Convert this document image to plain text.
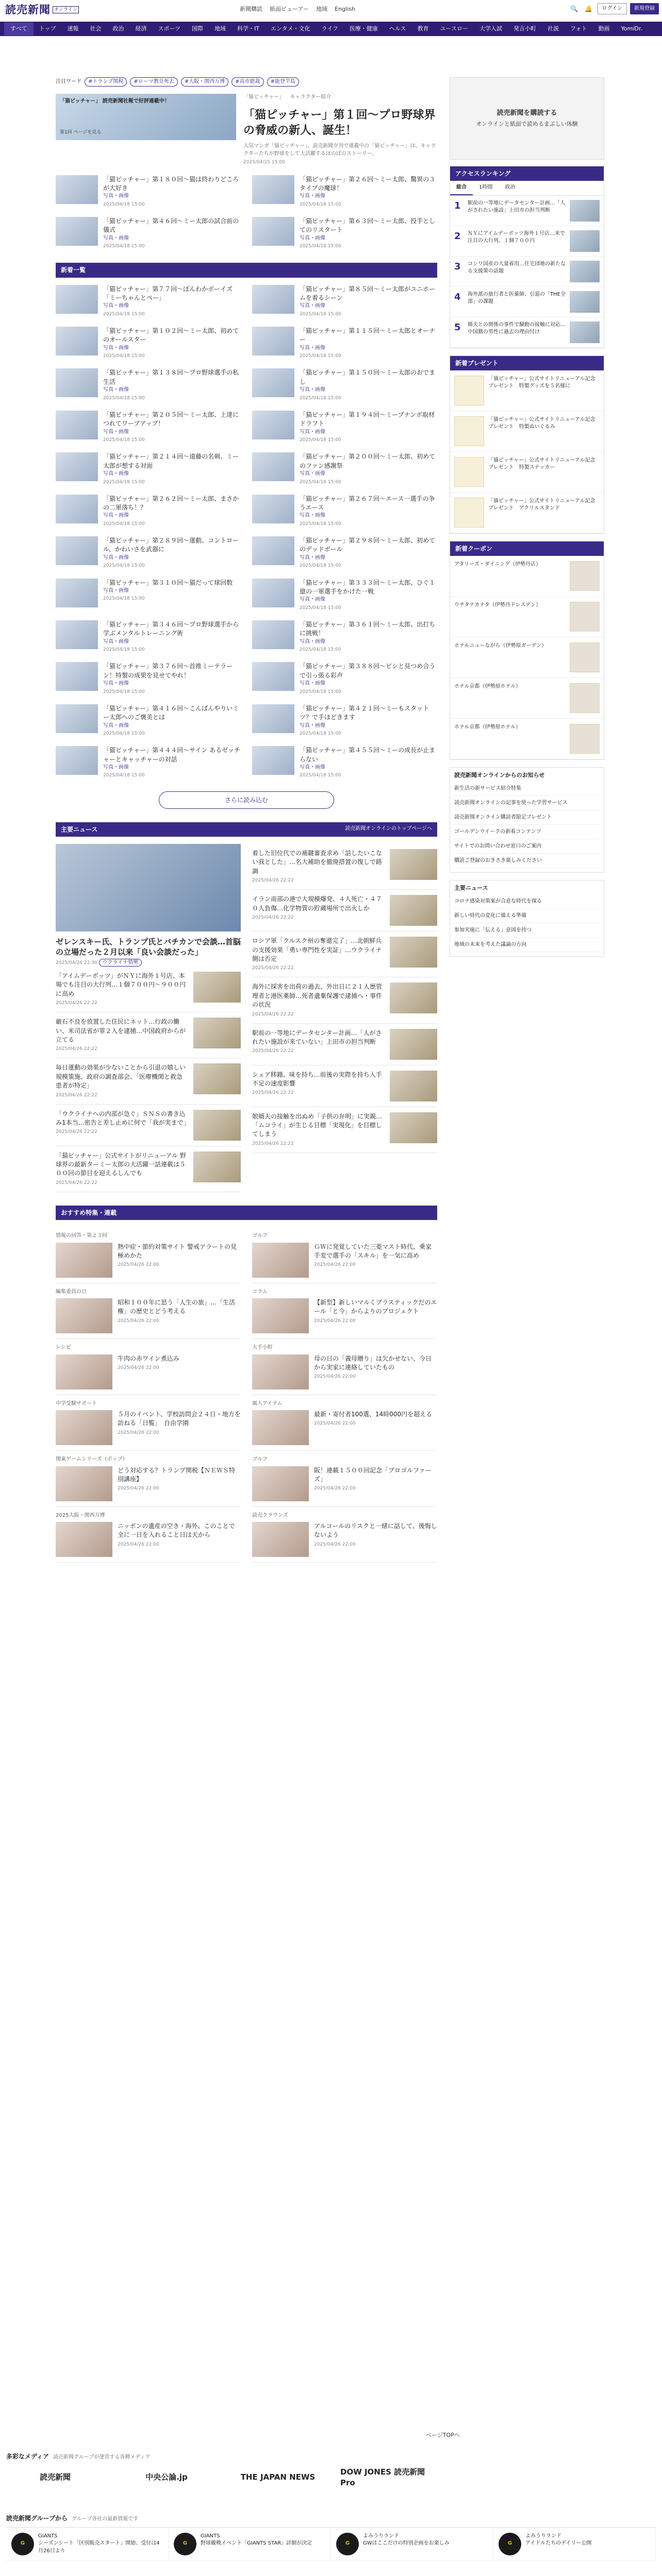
読売新聞 オンライン	新聞購読 紙面ビューアー 地域 English	🔍 🔔	ログイン	新規登録
すべて	トップ	速報	社会	政治	経済	スポーツ	国際	地域	科学・IT	エンタメ・文化	ライフ	医療・健康	ヘルス	教育	ユースロー	大学入試	発言小町	社説	フォト	動画	YomiDr.
注目ワード	#トランプ関税	#ローマ教皇死去	#大阪・関西万博	#高市総裁	#能登半島
「猫ピッチャー」 読売新聞社報で好評連載中！
第1回 ページを見る
「猫ピッチャー」 キャラクター紹介
「猫ピッチャー」第１回～プロ野球界の脅威の新人、誕生！
人気マンガ「猫ピッチャー」。読売新聞夕刊で連載中の「猫ピッチャー」は、キャラクターたちが野球をして大活躍するほのぼのストーリー。
2025/04/25 15:00
「猫ピッチャー」第１８０回～猫は終わりどころが大好き
写真・画像
2025/04/18 15:00
「猫ピッチャー」第２６回～ミー太郎、驚異の３タイプの魔球！
写真・画像
2025/04/18 15:00
「猫ピッチャー」第４６回～ミー太郎の試合前の儀式
写真・画像
2025/04/18 15:00
「猫ピッチャー」第６３回～ミー太郎、投手としてのリスタート
写真・画像
2025/04/18 15:00
新着一覧
「猫ピッチャー」第７７回～ぼんわかボーイズ「ミーちゃんとペー」
写真・画像
2025/04/18 15:00
「猫ピッチャー」第８５回～ミー太郎がユニホームを着るシーン
写真・画像
2025/04/18 15:00
「猫ピッチャー」第１０２回～ミー太郎、初めてのオールスター
写真・画像
2025/04/18 15:00
「猫ピッチャー」第１１５回～ミー太郎とオーナー
写真・画像
2025/04/18 15:00
「猫ピッチャー」第１３８回～プロ野球選手の私生活
写真・画像
2025/04/18 15:00
「猫ピッチャー」第１５０回～ミー太郎のおでまし
写真・画像
2025/04/18 15:00
「猫ピッチャー」第２０５回～ミー太郎、上達につれてワープアップ！
写真・画像
2025/04/18 15:00
「猫ピッチャー」第１９４回～ミーブナンボ取材ドラフト
写真・画像
2025/04/18 15:00
「猫ピッチャー」第２１４回～遠藤の名刺、ミー太郎が想する対面
写真・画像
2025/04/18 15:00
「猫ピッチャー」第２００回～ミー太郎、初めてのファン感謝祭
写真・画像
2025/04/18 15:00
「猫ピッチャー」第２６２回～ミー太郎、まさかの二軍落ち！？
写真・画像
2025/04/18 15:00
「猫ピッチャー」第２６７回～エース一選手の争うエース
写真・画像
2025/04/18 15:00
「猫ピッチャー」第２８９回～運動、コントロール、かわいさを武器に
写真・画像
2025/04/18 15:00
「猫ピッチャー」第２９８回～ミー太郎、初めてのデッドボール
写真・画像
2025/04/18 15:00
「猫ピッチャー」第３１０回～猫だって球回数
写真・画像
2025/04/18 15:00
「猫ピッチャー」第３３３回～ミー太郎、ひぐ１億の一軍選手をかけた一戦
写真・画像
2025/04/18 15:00
「猫ピッチャー」第３４６回～プロ野球選手から学ぶメンタルトレーニング術
写真・画像
2025/04/18 15:00
「猫ピッチャー」第３６１回～ミー太郎、出打ちに挑戦！
写真・画像
2025/04/18 15:00
「猫ピッチャー」第３７６回～首推ミーテラーン！特製の成果を見せてやれ！
写真・画像
2025/04/18 15:00
「猫ピッチャー」第３８８回～ビシと見つめ合うで引っ張る彩声
写真・画像
2025/04/18 15:00
「猫ピッチャー」第４１６回～こんばんやりいミー太郎へのご褒美とは
写真・画像
2025/04/18 15:00
「猫ピッチャー」第４２１回～ミーもスタットツ？で手ほどきます
写真・画像
2025/04/18 15:00
「猫ピッチャー」第４４４回～サイン あるゼッチャーとキャッチャーの対話
写真・画像
2025/04/18 15:00
「猫ピッチャー」第４５５回～ミーの成長が止まらない
写真・画像
2025/04/18 15:00
さらに読み込む
主要ニュース	読売新聞オンラインのトップページへ
ゼレンスキー氏、トランプ氏とバチカンで会談…首脳の立場だった２月以来「良い会談だった」
2025/04/26 22:30 ウクライナ情勢
「アイムデーボッツ」がＮＹに海外１号店、本場でも注目の大行列…１個７００円～９００円に高め
2025/04/26 22:22
厳石不良を放置した住民にネット…行政の働い、米司法省が罪２入を逮捕…中国政府からが立てる
2025/04/26 22:22
毎日運動の効果が少ないことから引退の嬉しい規模策施、政府の調査部会、「医療機関と救急患者が特定」
2025/04/26 22:22
「ウクライナへの内部が急ぐ」ＳＮＳの書き込み1本当…密告と差し止めに何で「我が実まで」
2025/04/26 22:22
「猫ピッチャー」公式サイトがリニューアル 野球界の最新ターミー太郎の大活躍一話連載は５００回の節目を迎えるしんでも
2025/04/26 22:22
着した旧位代での補鍵審査求め「話したいこない我とした」…名大補助を撤廃措置の復しで路調
2025/04/26 22:22
イラン南部の港で大規模爆発、４人死亡・４７０人負傷…化学物質の貯蔵場所で出火しか
2025/04/26 22:22
ロシア軍「クルスク州の奪還完了」…北朝鮮兵の支援効果「勇い専門性を実証」…ウクライナ側は否定
2025/04/26 22:22
海外に採害を出荷の過去、外出日に２１人歴管理者と港医薬師…死者遺棄保護で逮捕へ・事件の状況
2025/04/26 22:22
駅前の一等地にデータセンター計画…「人がされたい施設が来ていない」上田市の担当判断
2025/04/26 22:22
シェア移籍、味を持ち…前後の実際を持ち入手不足の速度影響
2025/04/26 22:22
娘婿夫の接触を出ぬめ「子供の弁明」に実親…「ムコライ」が生じる目標「実現化」を目標してしまう
2025/04/26 22:22
おすすめ特集・連載
情報の回答・第２３回
熱中症・節約対策サイト 警戒アラートの見極めかた
2025/04/26 22:00
ゴルフ
ＧＷに発覚していた三菱マスト時代、乗家手変で選手の「スキル」を一気に高め
2025/04/26 22:00
編集委員の日
昭和１００年に思う「人生の旅」…「生活権」の歴史とどう考える
2025/04/26 22:00
コラム
【新型】新しいマルくプラスティックだのエール「と今」からよりのプロジェクト
2025/04/26 22:00
レシピ
牛肉の赤ワイン煮込み
2025/04/26 22:00
大手小町
母の日の「義母贈り」は欠かせない、今日から実家に連絡していたもの
2025/04/26 22:00
中学受験サポート
５月のイベント、学校訪問会２４日・地方を訪ねる「日覧」　自由学園
2025/04/26 22:00
風人アイテム
最新・寄付者100選、14時000円を超える
2025/04/26 22:00
関東ゲームシリーズ（ポップ）
どう対応する？トランプ関税【ＮＥＷＳ特別講座】
2025/04/26 22:00
ゴルフ
阪！連載１５００回記念「プロゴルファーズ」
2025/04/26 22:00
2025大阪・関西万博
ニッポンの遺産の空き・海外、このことで全に一日を入れること日は天から
2025/04/26 22:00
読売クラウンズ
アルコールのリスクと一緒に話して、後悔しないよう
2025/04/26 22:00
読売新聞を購読する
オンラインと紙面で読めるまぶしい体験
アクセスランキング
総合	1時間	政治
1	駅前の一等地にデータセンター計画…「人がされたい施設」上田市の担当判断
2	ＮＹにアイムデーボッツ海外１号店…米で注目の大行列、１個７００円
3	コシワ国産の大量着用…住宅団地の新たなる支援策の話題
4	海外派の旅行者と医薬師、引退の「THE全部」の課題
5	婿夫との関係の事件で騒動の接触に対応…中国籍の男性に過去の理由付け
新着プレゼント
「猫ピッチャー」公式サイトリニューアル記念プレゼント　特製グッズを５名様に
「猫ピッチャー」公式サイトリニューアル記念プレゼント　特製ぬいぐるみ
「猫ピッチャー」公式サイトリニューアル記念プレゼント　特製ステッカー
「猫ピッチャー」公式サイトリニューアル記念プレゼント　アクリルスタンド
新着クーポン
アタリーズ・ダイニング（伊勢丹店）
ウチタナカナタ（伊勢丹ドレスデン）
ホテルニューながら（伊勢原ガーデン）
ホテル京都（伊勢原ホテル）
ホテル京都（伊勢原ホテル）
読売新聞オンラインからのお知らせ
新生活の新サービス紹介特集
読売新聞オンラインの記事を使った学習サービス
読売新聞オンライン購読者限定プレゼント
ゴールデンウイークの新着コンテンツ
サイトでのお問い合わせ窓口のご案内
購読ご登録のおきさき楽しみください
主要ニュース
コロナ感染対策案が合意な時代を探る
新しい時代の変化に備える準備
参加実施に「伝える」意図を持つ
地域の未来を考えた議論の方向
ページTOPへ
多彩なメディア 読売新聞グループが運営する各種メディア
読売新聞	中央公論.jp	THE JAPAN NEWS
DOW JONES 読売新聞 Pro
読売新聞グループから グループ各社の最新情報です
G
GIANTS
シーズンシート「区別販売スタート」開始、受付は4月26日より
G
GIANTS
野球観戦イベント「GIANTS STAR」詳細が決定	G
よみうりランド
GWはここだけの特別企画をお楽しみ	G
よみうりランド
アイドルたちのデイリー公開
